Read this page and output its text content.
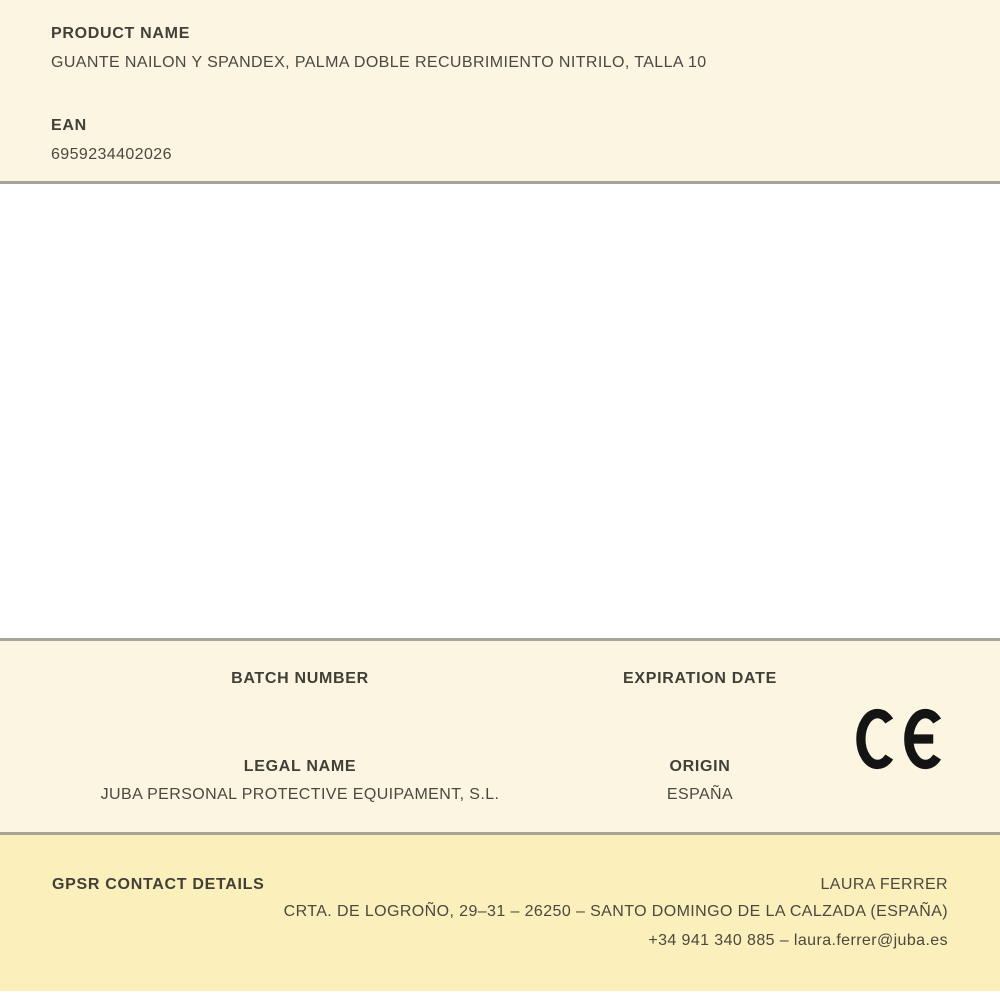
PRODUCT NAME
GUANTE NAILON Y SPANDEX, PALMA DOBLE RECUBRIMIENTO NITRILO, TALLA 10
EAN
6959234402026
BATCH NUMBER	EXPIRATION DATE
LEGAL NAME	ORIGIN
JUBA PERSONAL PROTECTIVE EQUIPAMENT, S.L.	ESPAÑA
GPSR CONTACT DETAILS	LAURA FERRER
CRTA. DE LOGROÑO, 29–31 – 26250 – SANTO DOMINGO DE LA CALZADA (ESPAÑA)
+34 941 340 885 – laura.ferrer@juba.es
